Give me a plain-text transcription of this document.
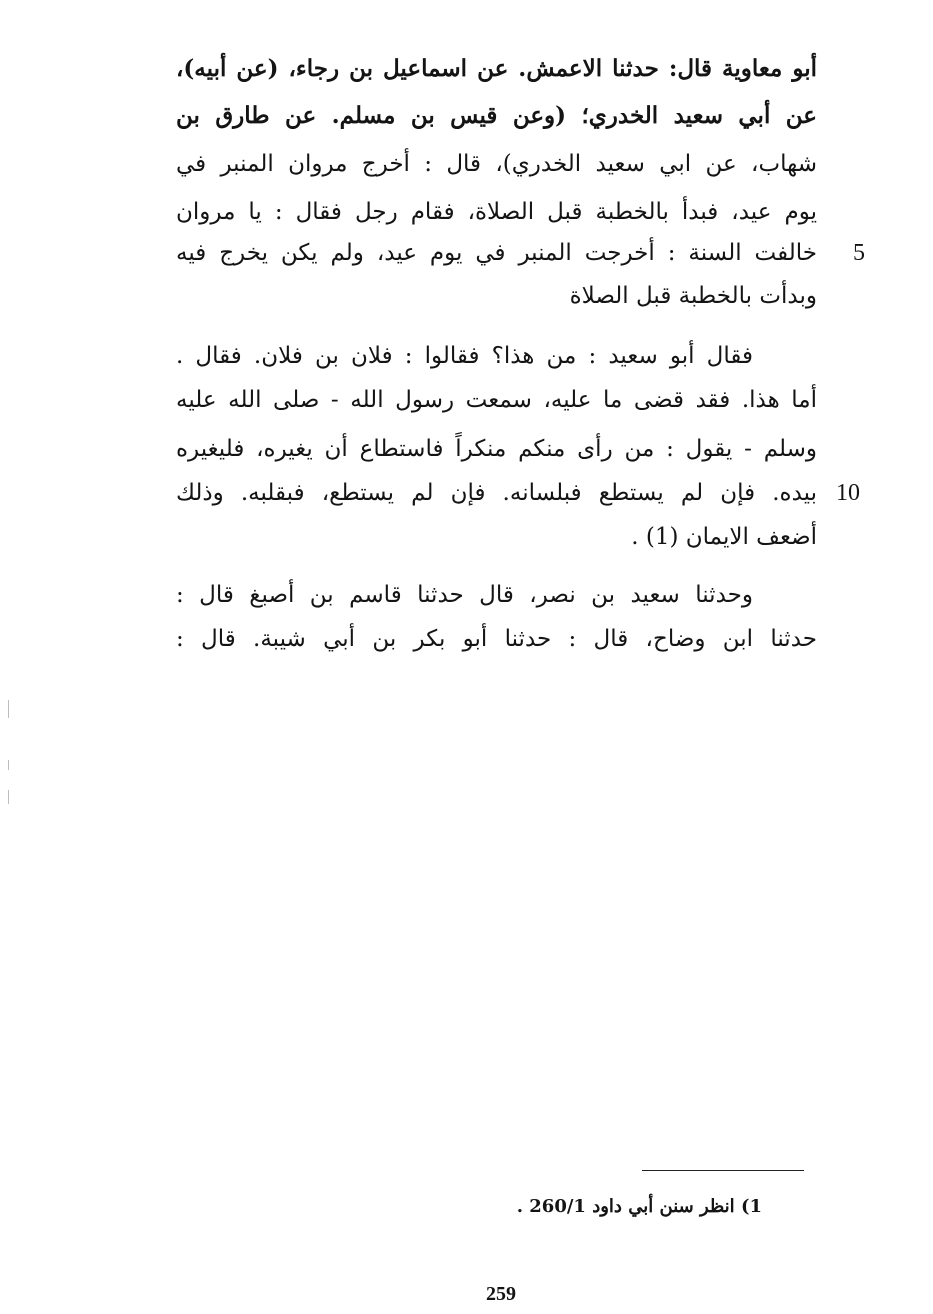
أبو معاوية قال: حدثنا الاعمش. عن اسماعيل بن رجاء، (عن أبيه)،
عن أبي سعيد الخدري؛ (وعن قيس بن مسلم. عن طارق بن
شهاب، عن ابي سعيد الخدري)، قال : أخرج مروان المنبر في
يوم عيد، فبدأ بالخطبة قبل الصلاة، فقام رجل فقال : يا مروان
خالفت السنة : أخرجت المنبر في يوم عيد، ولم يكن يخرج فيه
وبدأت بالخطبة قبل الصلاة
فقال أبو سعيد : من هذا؟ فقالوا : فلان بن فلان. فقال .
أما هذا. فقد قضى ما عليه، سمعت رسول الله - صلى الله عليه
وسلم - يقول : من رأى منكم منكراً فاستطاع أن يغيره، فليغيره
بيده. فإن لم يستطع فبلسانه. فإن لم يستطع، فبقلبه. وذلك
أضعف الايمان (1) .
وحدثنا سعيد بن نصر، قال حدثنا قاسم بن أصبغ قال :
حدثنا ابن وضاح، قال : حدثنا أبو بكر بن أبي شيبة. قال :
5
10
1) انظر سنن أبي داود 260/1 .
259
